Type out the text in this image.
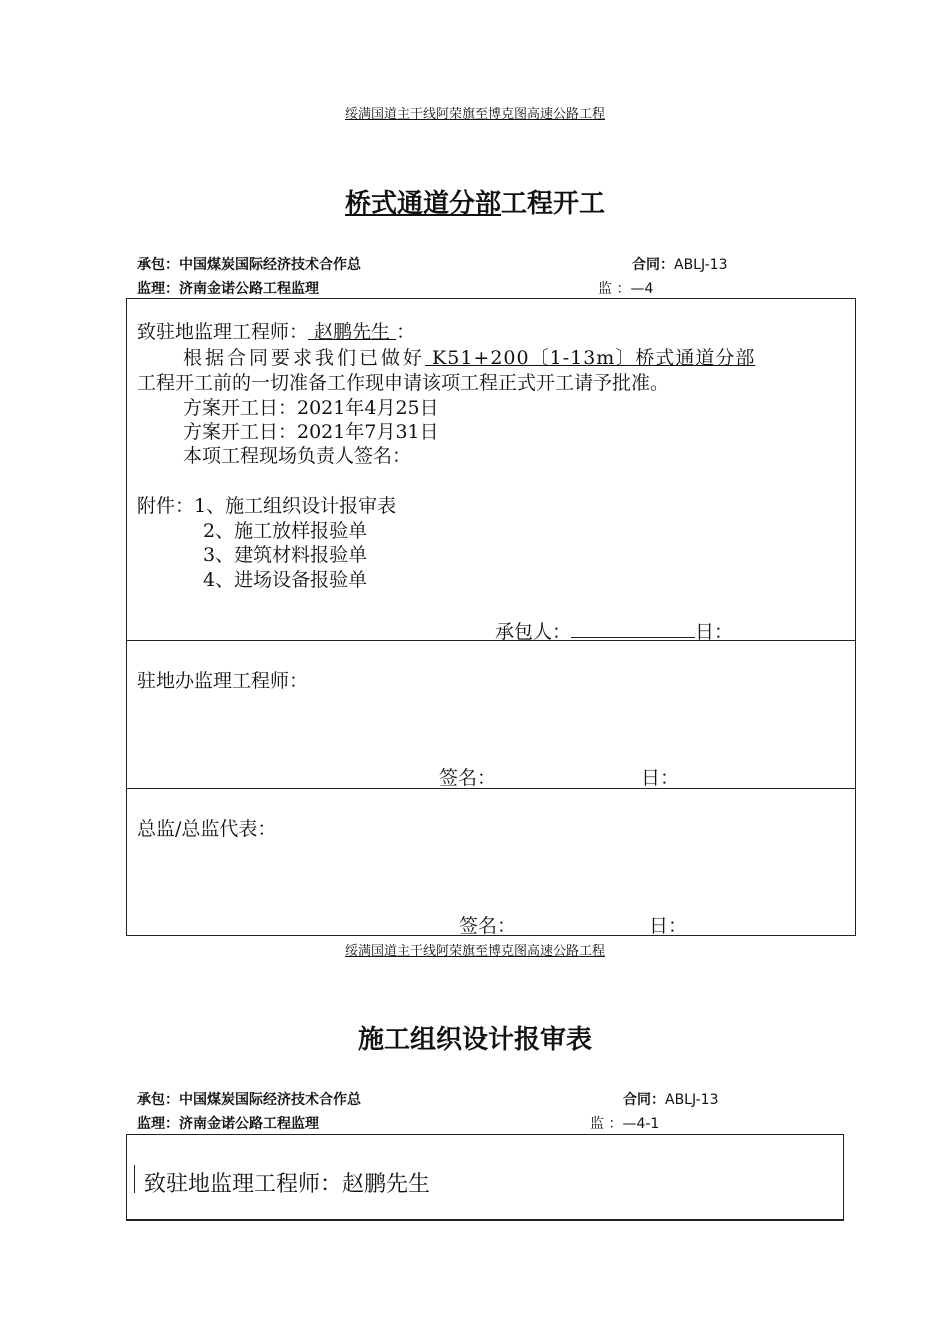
绥满国道主干线阿荣旗至博克图高速公路工程
桥式通道分部工程开工
承包：中国煤炭国际经济技术合作总	合同：ABLJ-13
监理：济南金诺公路工程监理	监 ：—4
致驻地监理工程师： 赵鹏先生 ：
根据合同要求我们已做好 K51+200〔1-13m〕桥式通道分部
工程开工前的一切准备工作现申请该项工程正式开工请予批准。
方案开工日：2021年4月25日
方案开工日：2021年7月31日
本项工程现场负责人签名：
附件：1、施工组织设计报审表
2、施工放样报验单
3、建筑材料报验单
4、进场设备报验单
承包人：	日：
驻地办监理工程师：
签名：	日：
总监/总监代表：
签名：	日：
绥满国道主干线阿荣旗至博克图高速公路工程
施工组织设计报审表
承包：中国煤炭国际经济技术合作总	合同：ABLJ-13
监理：济南金诺公路工程监理	监 ：—4-1
致驻地监理工程师：赵鹏先生
